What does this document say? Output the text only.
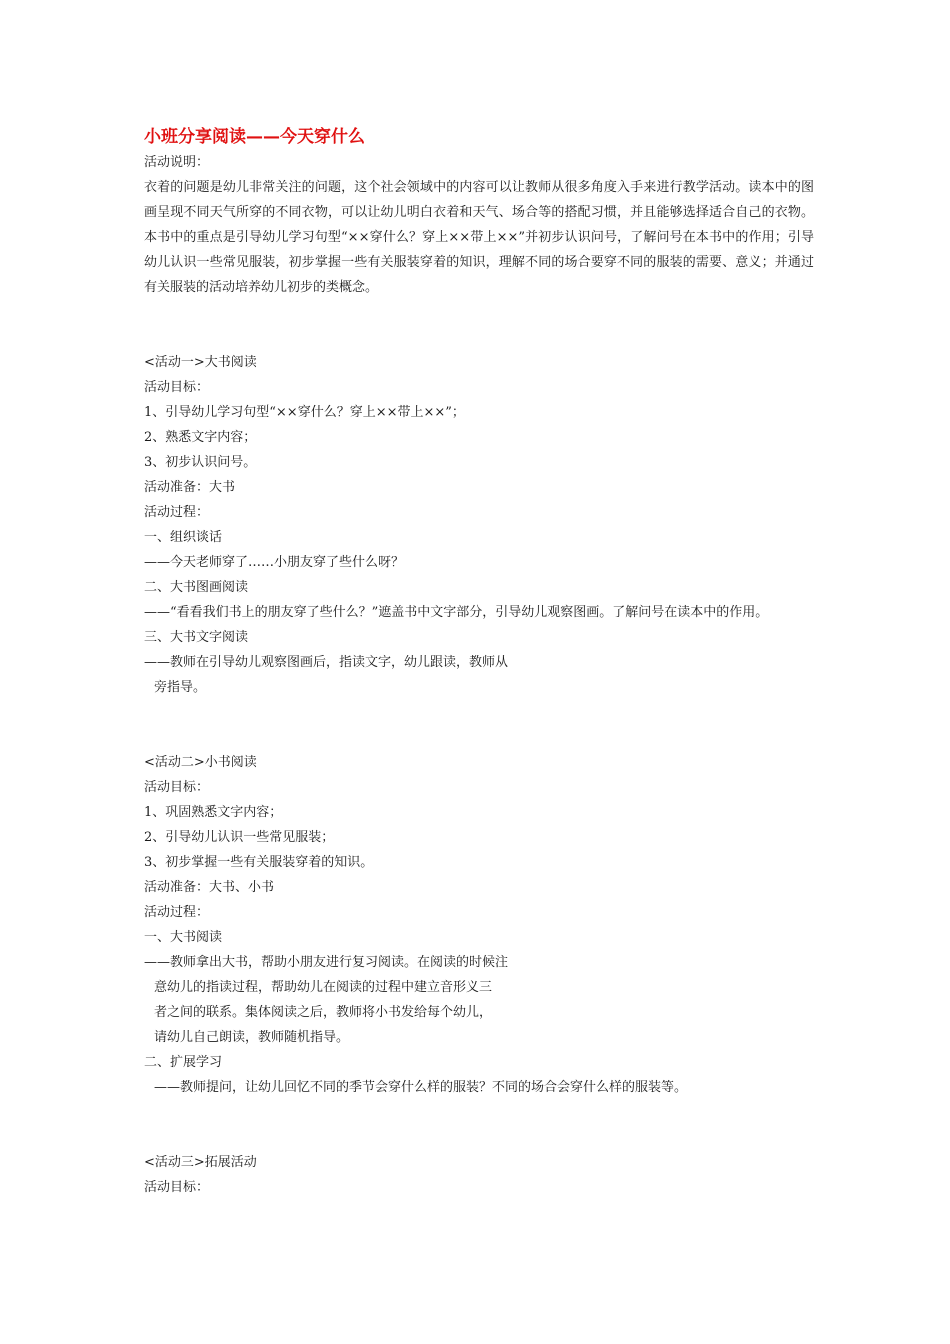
小班分享阅读——今天穿什么
活动说明：
衣着的问题是幼儿非常关注的问题，这个社会领域中的内容可以让教师从很多角度入手来进行教学活动。读本中的图画呈现不同天气所穿的不同衣物，可以让幼儿明白衣着和天气、场合等的搭配习惯，并且能够选择适合自己的衣物。本书中的重点是引导幼儿学习句型“××穿什么？穿上××带上××”并初步认识问号，了解问号在本书中的作用；引导幼儿认识一些常见服装，初步掌握一些有关服装穿着的知识，理解不同的场合要穿不同的服装的需要、意义；并通过有关服装的活动培养幼儿初步的类概念。
<活动一>大书阅读
活动目标：
1、引导幼儿学习句型“××穿什么？穿上××带上××”；
2、熟悉文字内容；
3、初步认识问号。
活动准备：大书
活动过程：
一、组织谈话
——今天老师穿了……小朋友穿了些什么呀？
二、大书图画阅读
——“看看我们书上的朋友穿了些什么？”遮盖书中文字部分，引导幼儿观察图画。了解问号在读本中的作用。
三、大书文字阅读
——教师在引导幼儿观察图画后，指读文字，幼儿跟读，教师从
旁指导。
<活动二>小书阅读
活动目标：
1、巩固熟悉文字内容；
2、引导幼儿认识一些常见服装；
3、初步掌握一些有关服装穿着的知识。
活动准备：大书、小书
活动过程：
一、大书阅读
——教师拿出大书，帮助小朋友进行复习阅读。在阅读的时候注
意幼儿的指读过程，帮助幼儿在阅读的过程中建立音形义三
者之间的联系。集体阅读之后，教师将小书发给每个幼儿，
请幼儿自己朗读，教师随机指导。
二、扩展学习
——教师提问，让幼儿回忆不同的季节会穿什么样的服装？不同的场合会穿什么样的服装等。
<活动三>拓展活动
活动目标：
